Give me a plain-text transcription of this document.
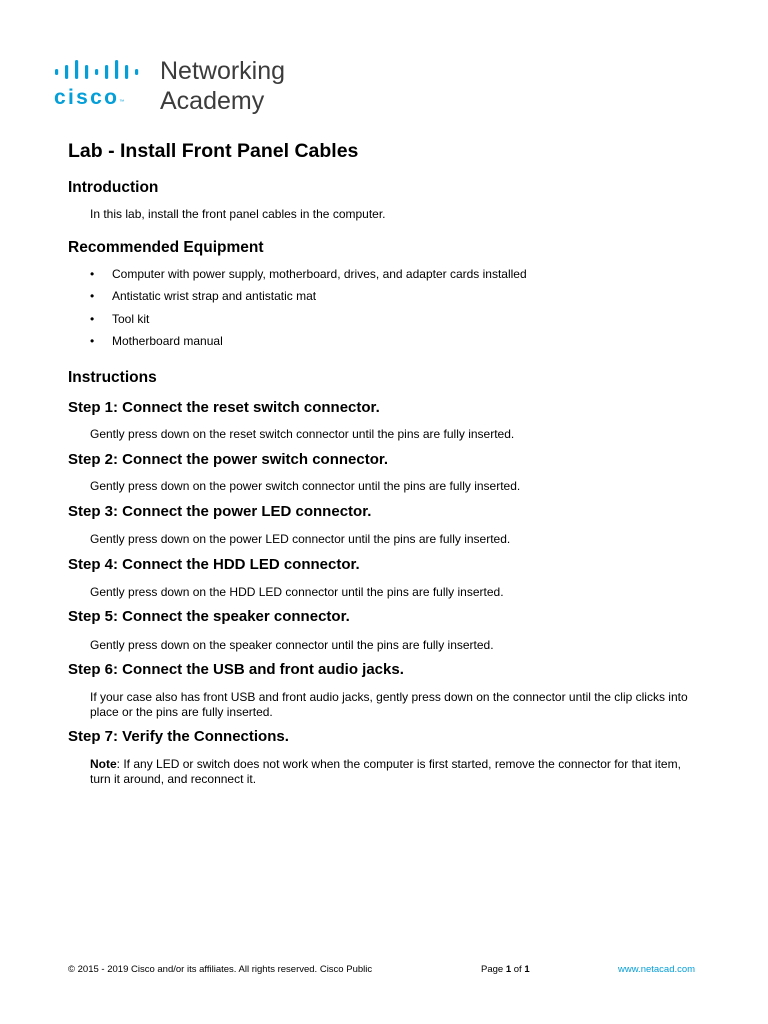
cisco™
Networking
Academy
Lab - Install Front Panel Cables
Introduction
In this lab, install the front panel cables in the computer.
Recommended Equipment
• Computer with power supply, motherboard, drives, and adapter cards installed
• Antistatic wrist strap and antistatic mat
• Tool kit
• Motherboard manual
Instructions
Step 1: Connect the reset switch connector.
Gently press down on the reset switch connector until the pins are fully inserted.
Step 2: Connect the power switch connector.
Gently press down on the power switch connector until the pins are fully inserted.
Step 3: Connect the power LED connector.
Gently press down on the power LED connector until the pins are fully inserted.
Step 4: Connect the HDD LED connector.
Gently press down on the HDD LED connector until the pins are fully inserted.
Step 5: Connect the speaker connector.
Gently press down on the speaker connector until the pins are fully inserted.
Step 6: Connect the USB and front audio jacks.
If your case also has front USB and front audio jacks, gently press down on the connector until the clip clicks into place or the pins are fully inserted.
Step 7: Verify the Connections.
Note: If any LED or switch does not work when the computer is first started, remove the connector for that item, turn it around, and reconnect it.
© 2015 - 2019 Cisco and/or its affiliates. All rights reserved. Cisco Public	Page 1 of 1	www.netacad.com
